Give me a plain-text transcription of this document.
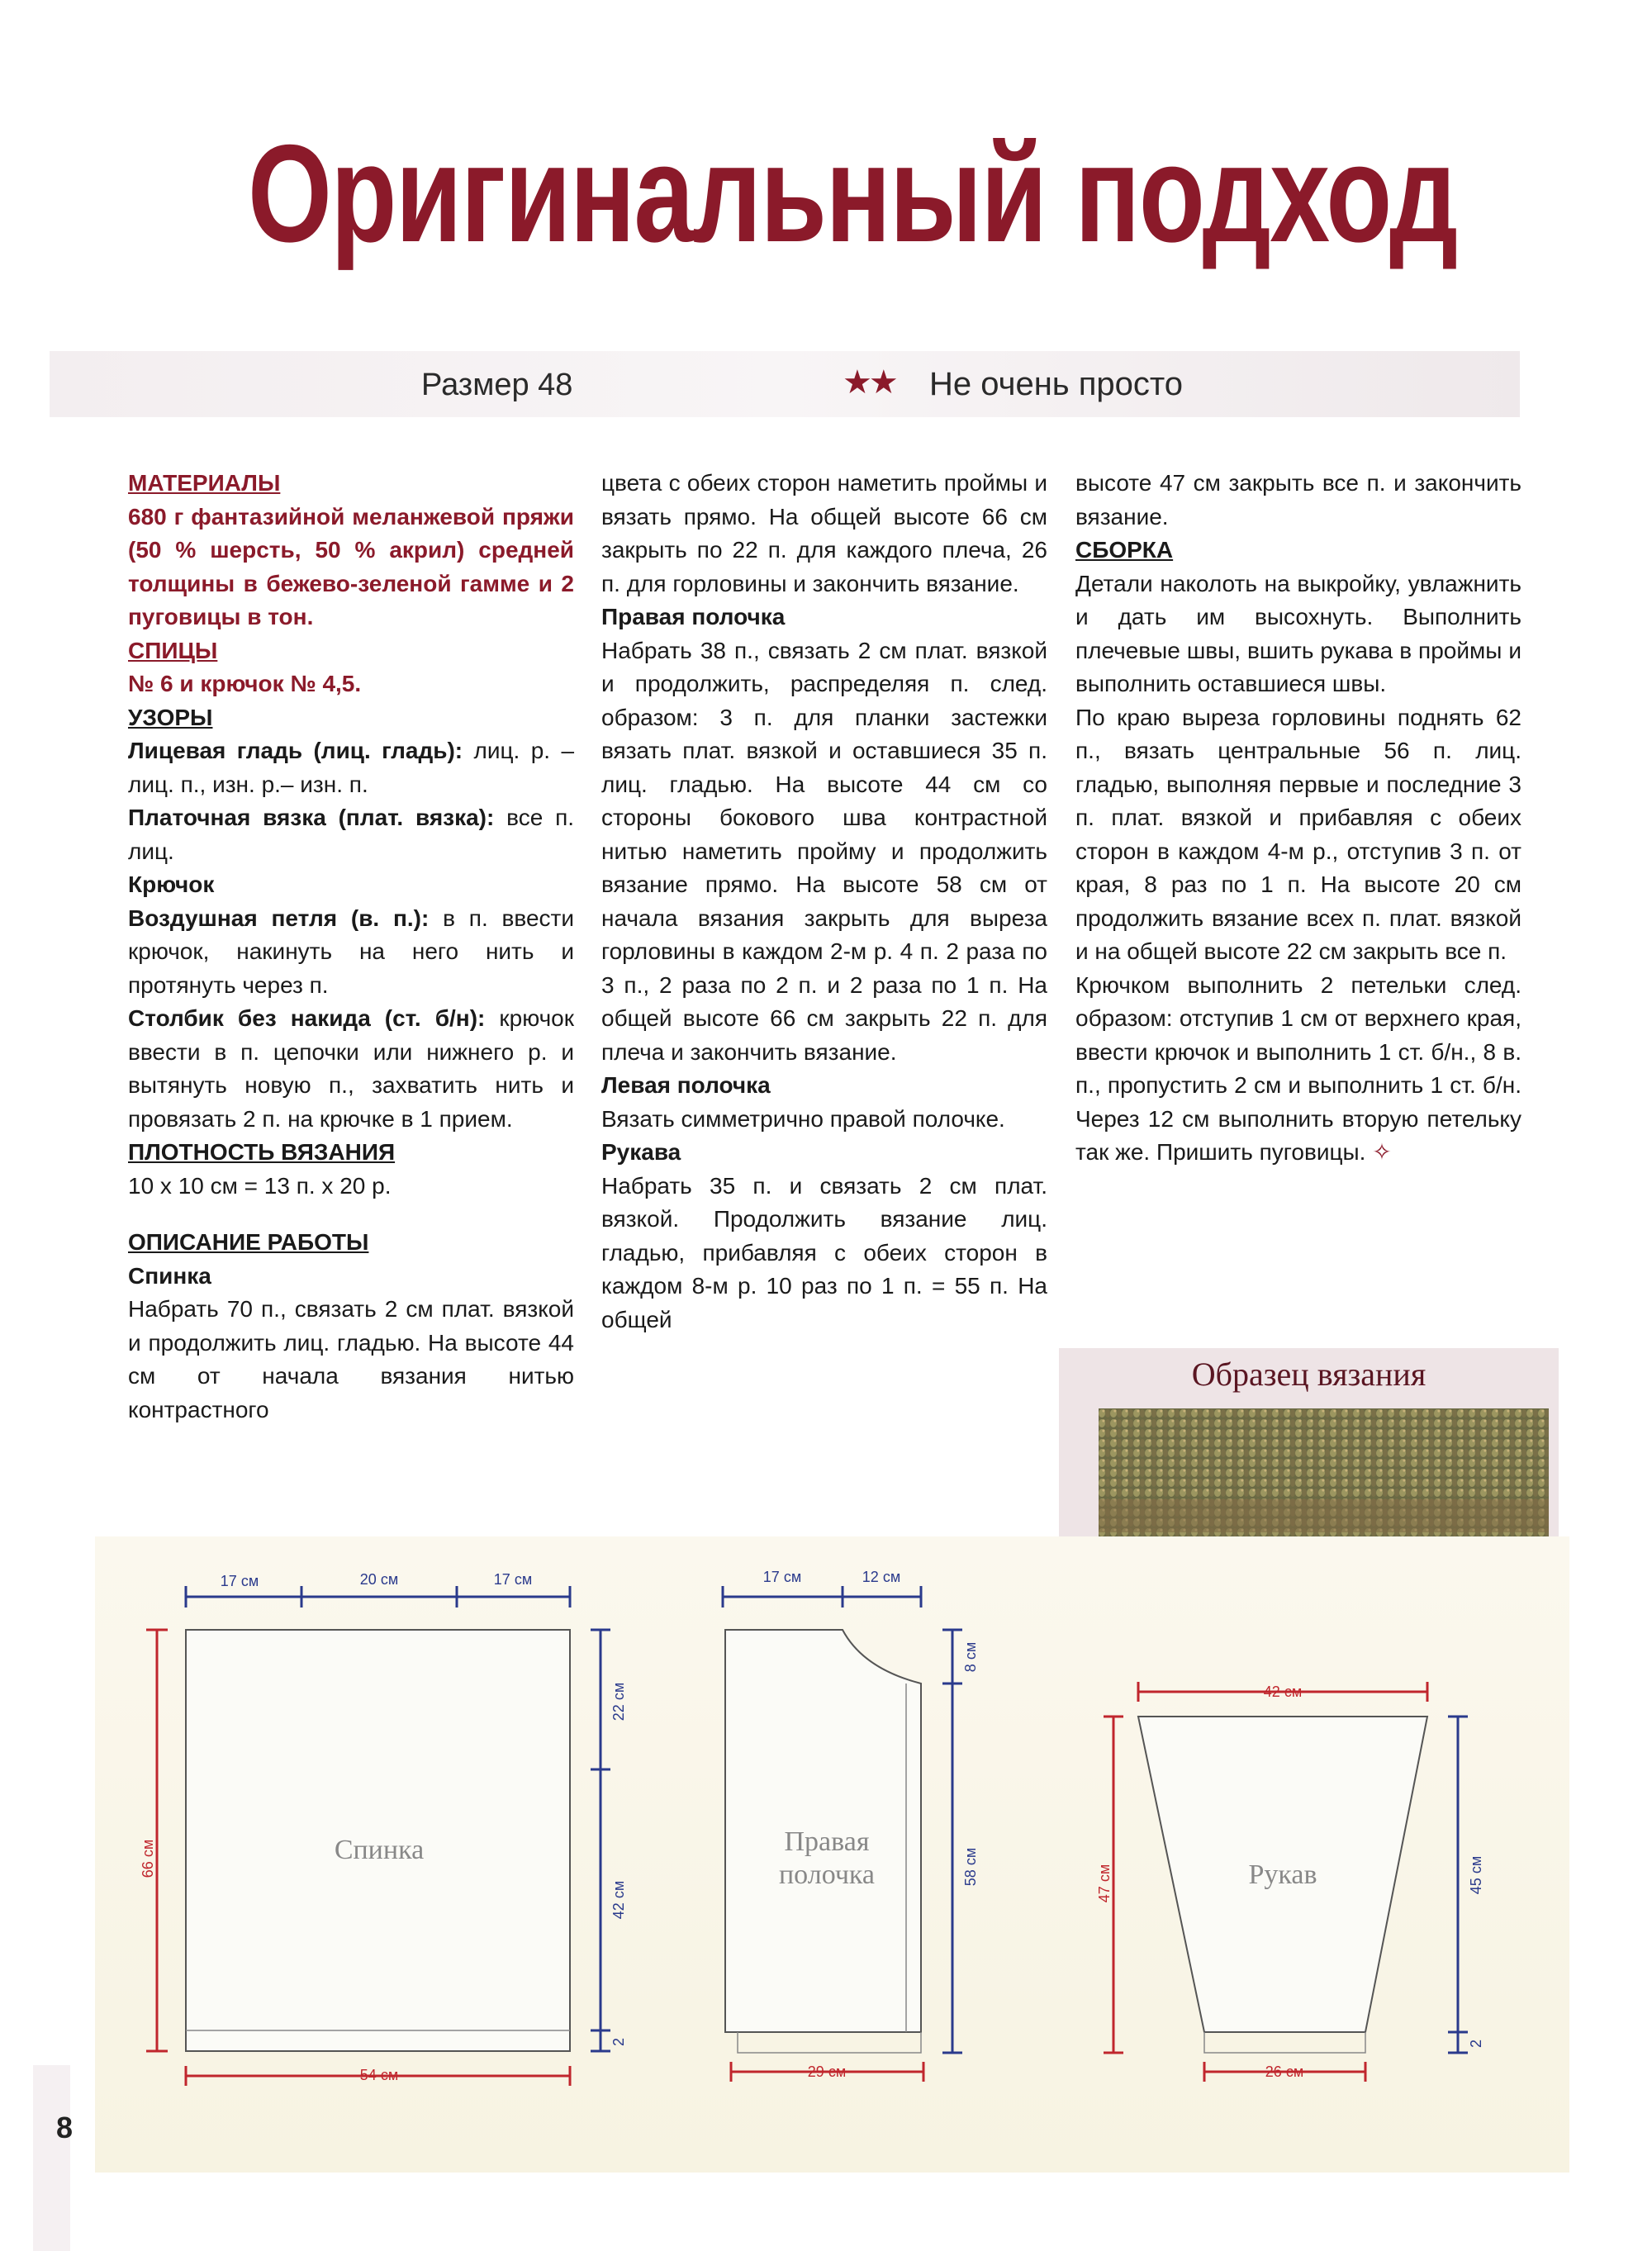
Оригинальный подход
Размер 48	★★ Не очень просто

МАТЕРИАЛЫ

680 г фантазийной меланжевой пряжи (50 % шерсть, 50 % акрил) средней толщины в бежево-зеленой гамме и 2 пуговицы в тон.

СПИЦЫ

№ 6 и крючок № 4,5.

УЗОРЫ

Лицевая гладь (лиц. гладь): лиц. р. – лиц. п., изн. р.– изн. п.

Платочная вязка (плат. вязка): все п. лиц.

Крючок

Воздушная петля (в. п.): в п. ввести крючок, накинуть на него нить и протянуть через п.

Столбик без накида (ст. б/н): крючок ввести в п. цепочки или нижнего р. и вытянуть новую п., захватить нить и провязать 2 п. на крючке в 1 прием.

ПЛОТНОСТЬ ВЯЗАНИЯ

10 х 10 см = 13 п. х 20 р.

ОПИСАНИЕ РАБОТЫ

Спинка

Набрать 70 п., связать 2 см плат. вязкой и продолжить лиц. гладью. На высоте 44 см от начала вязания нитью контрастного

цвета с обеих сторон наметить проймы и вязать прямо. На общей высоте 66 см закрыть по 22 п. для каждого плеча, 26 п. для горловины и закончить вязание.

Правая полочка

Набрать 38 п., связать 2 см плат. вязкой и продолжить, распределяя п. след. образом: 3 п. для планки застежки вязать плат. вязкой и оставшиеся 35 п. лиц. гладью. На высоте 44 см со стороны бокового шва контрастной нитью наметить пройму и продолжить вязание прямо. На высоте 58 см от начала вязания закрыть для выреза горловины в каждом 2-м р. 4 п. 2 раза по 3 п., 2 раза по 2 п. и 2 раза по 1 п. На общей высоте 66 см закрыть 22 п. для плеча и закончить вязание.

Левая полочка

Вязать симметрично правой полочке.

Рукава

Набрать 35 п. и связать 2 см плат. вязкой. Продолжить вязание лиц. гладью, прибавляя с обеих сторон в каждом 8-м р. 10 раз по 1 п. = 55 п. На общей

высоте 47 см закрыть все п. и закончить вязание.

СБОРКА

Детали наколоть на выкройку, увлажнить и дать им высохнуть. Выполнить плечевые швы, вшить рукава в проймы и выполнить оставшиеся швы.

По краю выреза горловины поднять 62 п., вязать центральные 56 п. лиц. гладью, выполняя первые и последние 3 п. плат. вязкой и прибавляя с обеих сторон в каждом 4-м р., отступив 3 п. от края, 8 раз по 1 п. На высоте 20 см продолжить вязание всех п. плат. вязкой и на общей высоте 22 см закрыть все п.

Крючком выполнить 2 петельки след. образом: отступив 1 см от верхнего края, ввести крючок и выполнить 1 ст. б/н., 8 в. п., пропустить 2 см и выполнить 1 ст. б/н. Через 12 см выполнить вторую петельку так же. Пришить пуговицы. ✧

Образец вязания
17 см	20 см	17 см
66 см
22 см
42 см
2
54 см
Спинка
17 см	12 см
8 см
58 см
29 см
Правая
полочка
42 см
47 см	45 см
2
26 см
Рукав
8
